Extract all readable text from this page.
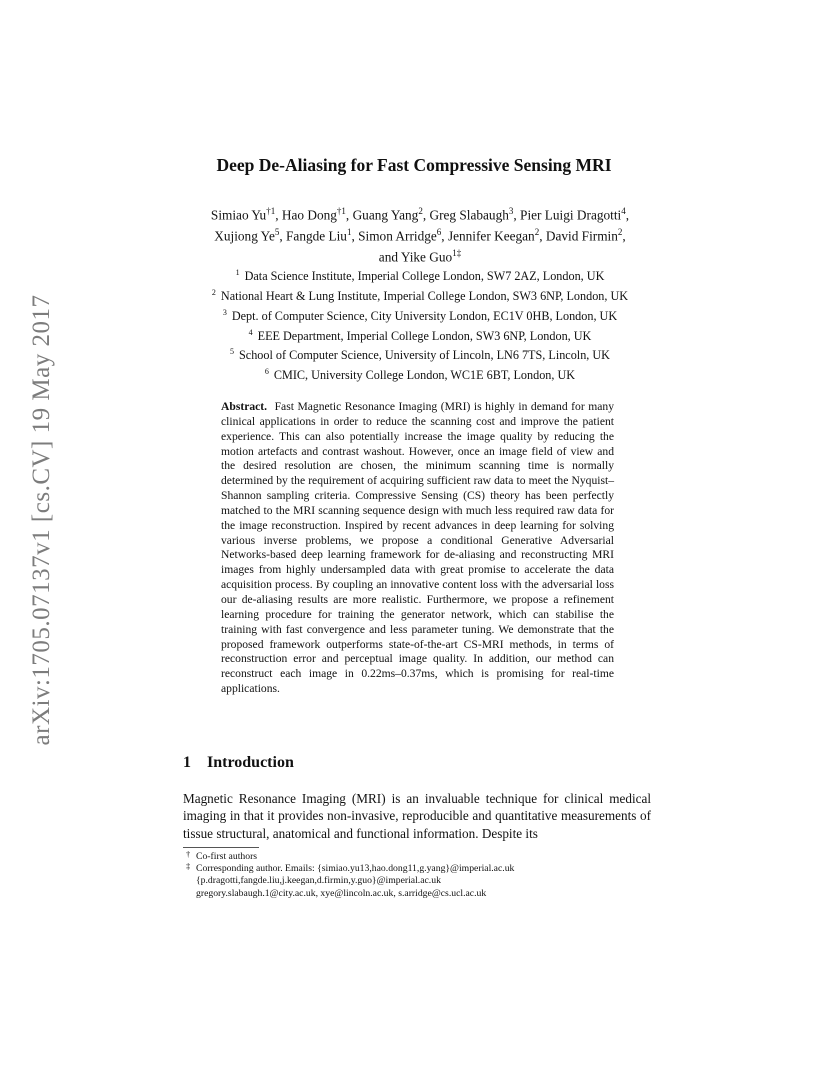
arXiv:1705.07137v1 [cs.CV] 19 May 2017
Deep De-Aliasing for Fast Compressive Sensing MRI
Simiao Yu$^{\dagger 1}$, Hao Dong$^{\dagger 1}$, Guang Yang$^2$, Greg Slabaugh$^3$, Pier Luigi Dragotti$^4$,
Xujiong Ye$^5$, Fangde Liu$^1$, Simon Arridge$^6$, Jennifer Keegan$^2$, David Firmin$^2$,
and Yike Guo$^{1\ddagger}$
$^1$ Data Science Institute, Imperial College London, SW7 2AZ, London, UK
$^2$ National Heart & Lung Institute, Imperial College London, SW3 6NP, London, UK
$^3$ Dept. of Computer Science, City University London, EC1V 0HB, London, UK
$^4$ EEE Department, Imperial College London, SW3 6NP, London, UK
$^5$ School of Computer Science, University of Lincoln, LN6 7TS, Lincoln, UK
$^6$ CMIC, University College London, WC1E 6BT, London, UK
Abstract. Fast Magnetic Resonance Imaging (MRI) is highly in demand for many clinical applications in order to reduce the scanning cost and improve the patient experience. This can also potentially increase the image quality by reducing the motion artefacts and contrast washout. However, once an image field of view and the desired resolution are chosen, the minimum scanning time is normally determined by the requirement of acquiring sufficient raw data to meet the Nyquist–Shannon sampling criteria. Compressive Sensing (CS) theory has been perfectly matched to the MRI scanning sequence design with much less required raw data for the image reconstruction. Inspired by recent advances in deep learning for solving various inverse problems, we propose a conditional Generative Adversarial Networks-based deep learning framework for de-aliasing and reconstructing MRI images from highly undersampled data with great promise to accelerate the data acquisition process. By coupling an innovative content loss with the adversarial loss our de-aliasing results are more realistic. Furthermore, we propose a refinement learning procedure for training the generator network, which can stabilise the training with fast convergence and less parameter tuning. We demonstrate that the proposed framework outperforms state-of-the-art CS-MRI methods, in terms of reconstruction error and perceptual image quality. In addition, our method can reconstruct each image in 0.22ms–0.37ms, which is promising for real-time applications.
1 Introduction
Magnetic Resonance Imaging (MRI) is an invaluable technique for clinical medical imaging in that it provides non-invasive, reproducible and quantitative measurements of tissue structural, anatomical and functional information. Despite its
† Co-first authors
‡ Corresponding author. Emails: {simiao.yu13,hao.dong11,g.yang}@imperial.ac.uk
{p.dragotti,fangde.liu,j.keegan,d.firmin,y.guo}@imperial.ac.uk
gregory.slabaugh.1@city.ac.uk, xye@lincoln.ac.uk, s.arridge@cs.ucl.ac.uk
